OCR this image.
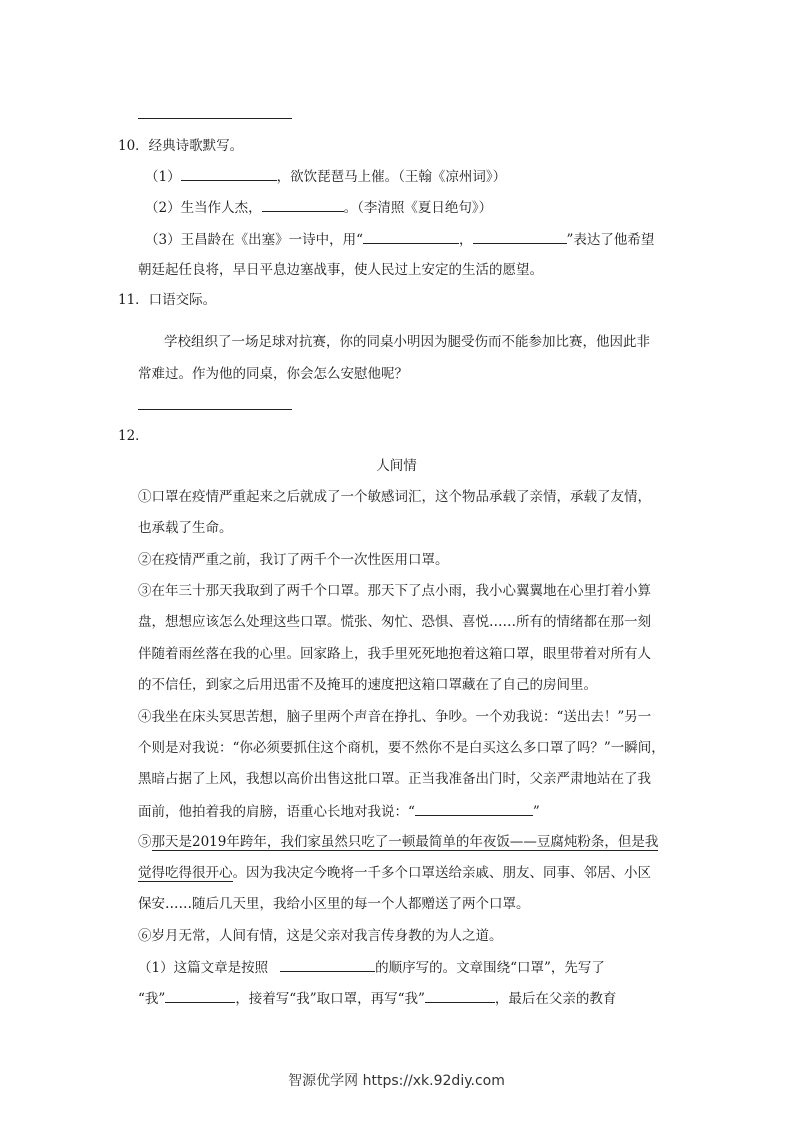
10．经典诗歌默写。
（1）	，欲饮琵琶马上催。（王翰《凉州词》）
（2）生当作人杰，	。（李清照《夏日绝句》）
（3）王昌龄在《出塞》一诗中，用“	，	”表达了他希望
朝廷起任良将，早日平息边塞战事，使人民过上安定的生活的愿望。
11．口语交际。
学校组织了一场足球对抗赛，你的同桌小明因为腿受伤而不能参加比赛，他因此非
常难过。作为他的同桌，你会怎么安慰他呢？
12．
人间情
①口罩在疫情严重起来之后就成了一个敏感词汇，这个物品承载了亲情，承载了友情，
也承载了生命。
②在疫情严重之前，我订了两千个一次性医用口罩。
③在年三十那天我取到了两千个口罩。那天下了点小雨，我小心翼翼地在心里打着小算
盘，想想应该怎么处理这些口罩。慌张、匆忙、恐惧、喜悦……所有的情绪都在那一刻
伴随着雨丝落在我的心里。回家路上，我手里死死地抱着这箱口罩，眼里带着对所有人
的不信任，到家之后用迅雷不及掩耳的速度把这箱口罩藏在了自己的房间里。
④我坐在床头冥思苦想，脑子里两个声音在挣扎、争吵。一个劝我说：“送出去！”另一
个则是对我说：“你必须要抓住这个商机，要不然你不是白买这么多口罩了吗？”一瞬间，
黑暗占据了上风，我想以高价出售这批口罩。正当我准备出门时，父亲严肃地站在了我
面前，他拍着我的肩膀，语重心长地对我说：“	”
⑤那天是2019年跨年，我们家虽然只吃了一顿最简单的年夜饭——豆腐炖粉条，但是我
觉得吃得很开心。因为我决定今晚将一千多个口罩送给亲戚、朋友、同事、邻居、小区
保安……随后几天里，我给小区里的每一个人都赠送了两个口罩。
⑥岁月无常，人间有情，这是父亲对我言传身教的为人之道。
（1）这篇文章是按照	的顺序写的。文章围绕“口罩”，先写了
“我”	，接着写“我”取口罩，再写“我”	，最后在父亲的教育
智源优学网 https://xk.92diy.com
